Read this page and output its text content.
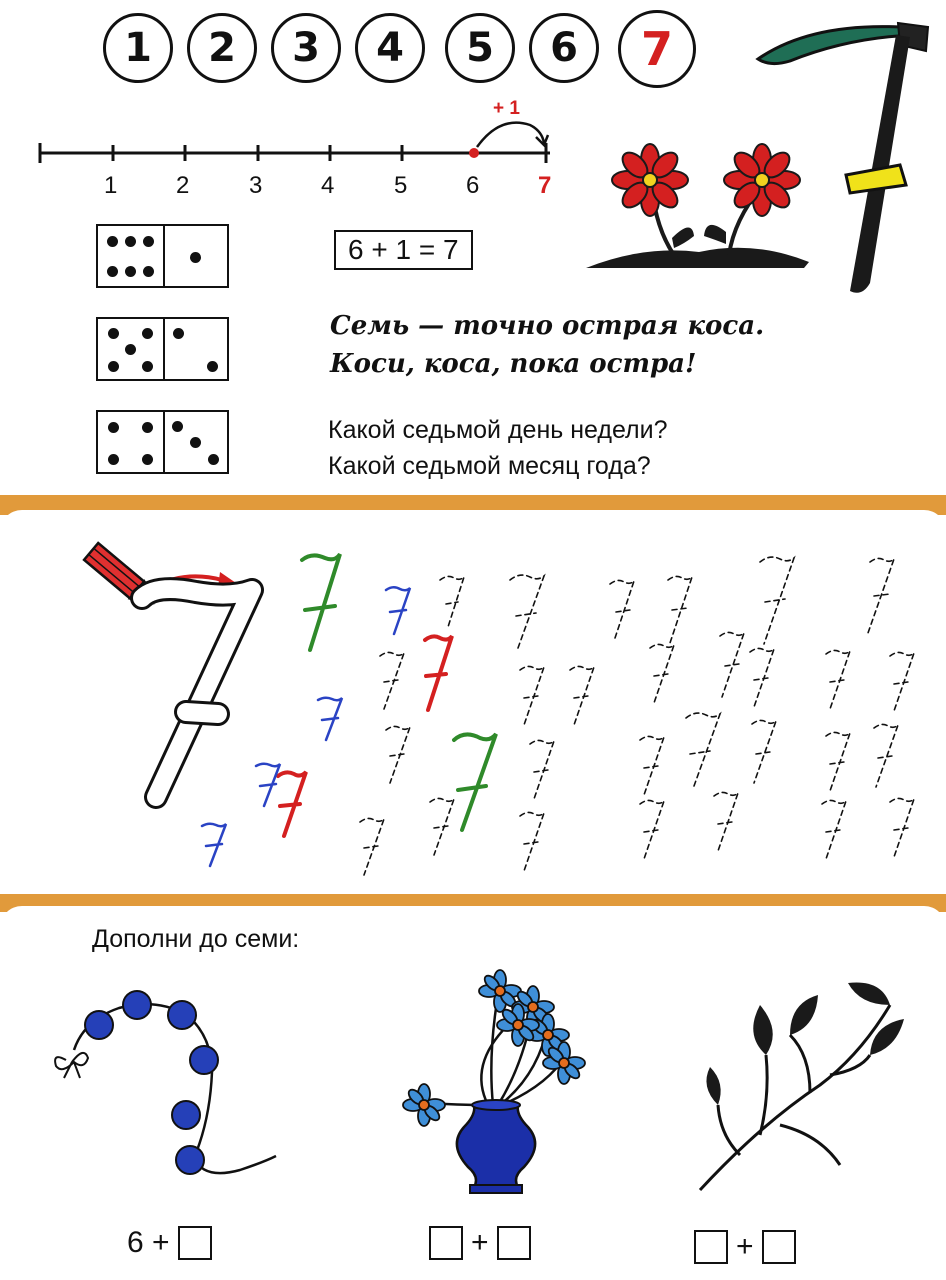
1	2	3	4	5	6	7
+ 1
1 2 3 4 5 6 7
6 + 1 = 7
Семь — точно острая коса.
Коси, коса, пока остра!
Какой седьмой день недели?
Какой седьмой месяц года?
Дополни до семи:
6 +	+	+
